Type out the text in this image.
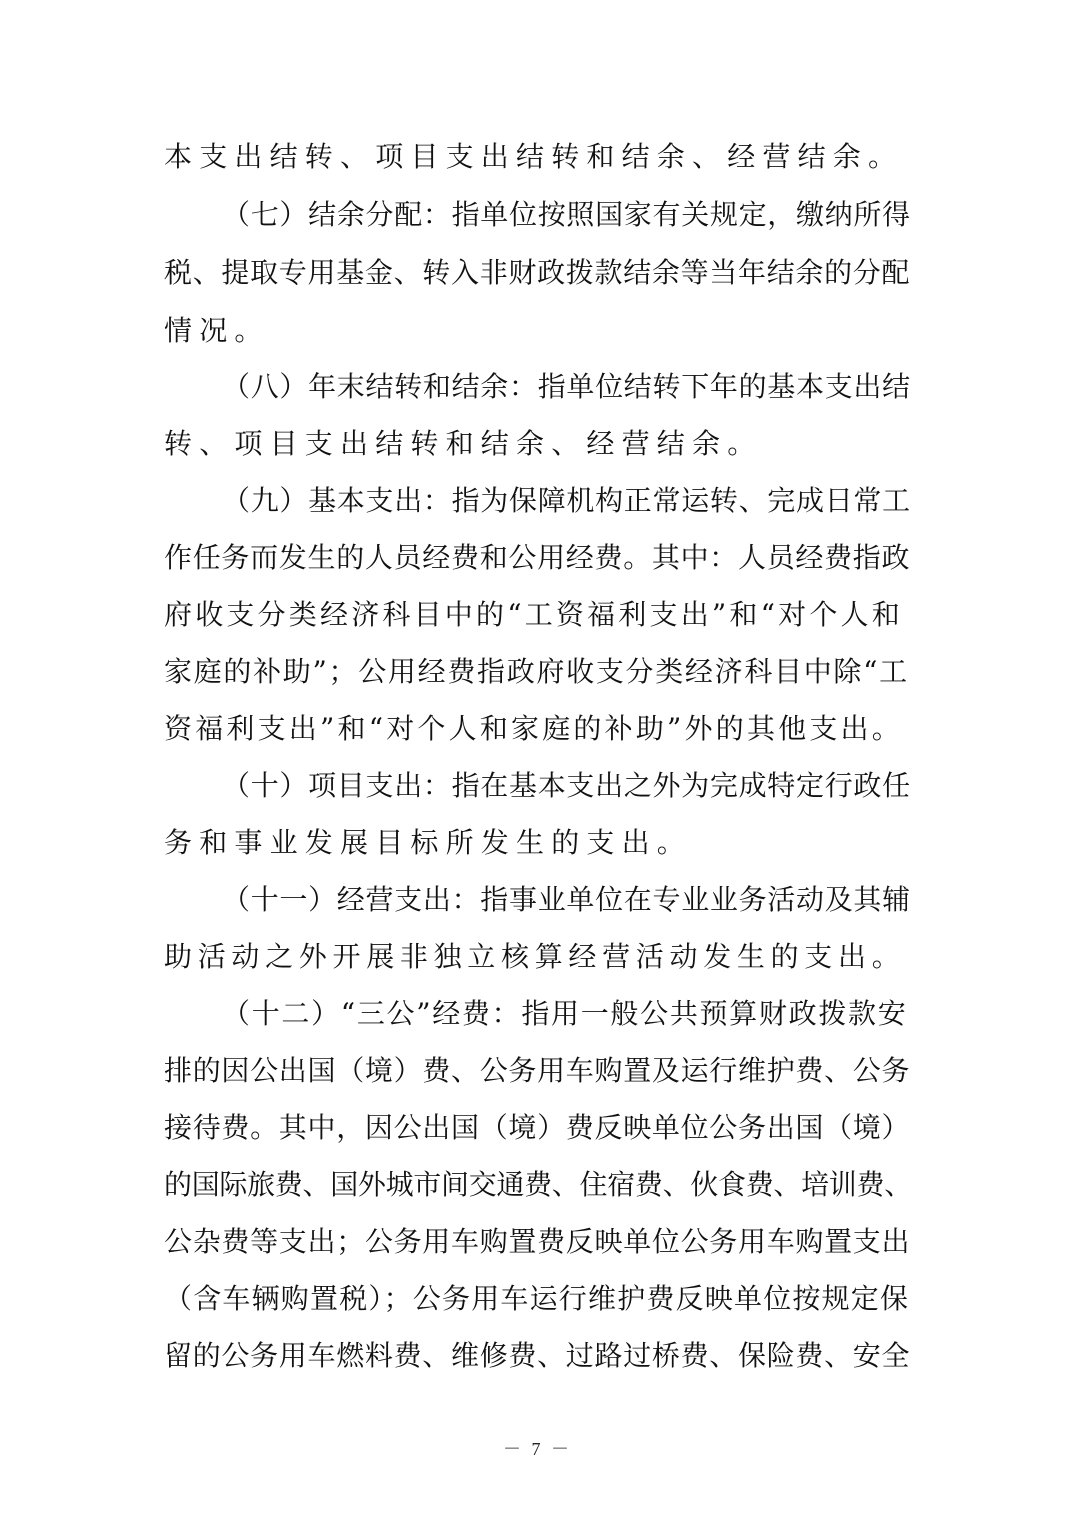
本支出结转、项目支出结转和结余、经营结余。
（七）结余分配：指单位按照国家有关规定，缴纳所得
税、提取专用基金、转入非财政拨款结余等当年结余的分配
情况。
（八）年末结转和结余：指单位结转下年的基本支出结
转、项目支出结转和结余、经营结余。
（九）基本支出：指为保障机构正常运转、完成日常工
作任务而发生的人员经费和公用经费。其中：人员经费指政
府收支分类经济科目中的“工资福利支出”和“对个人和
家庭的补助”；公用经费指政府收支分类经济科目中除“工
资福利支出”和“对个人和家庭的补助”外的其他支出。
（十）项目支出：指在基本支出之外为完成特定行政任
务和事业发展目标所发生的支出。
（十一）经营支出：指事业单位在专业业务活动及其辅
助活动之外开展非独立核算经营活动发生的支出。
（十二）“三公”经费：指用一般公共预算财政拨款安
排的因公出国（境）费、公务用车购置及运行维护费、公务
接待费。其中，因公出国（境）费反映单位公务出国（境）
的国际旅费、国外城市间交通费、住宿费、伙食费、培训费、
公杂费等支出；公务用车购置费反映单位公务用车购置支出
（含车辆购置税）；公务用车运行维护费反映单位按规定保
留的公务用车燃料费、维修费、过路过桥费、保险费、安全
－ 7 －
